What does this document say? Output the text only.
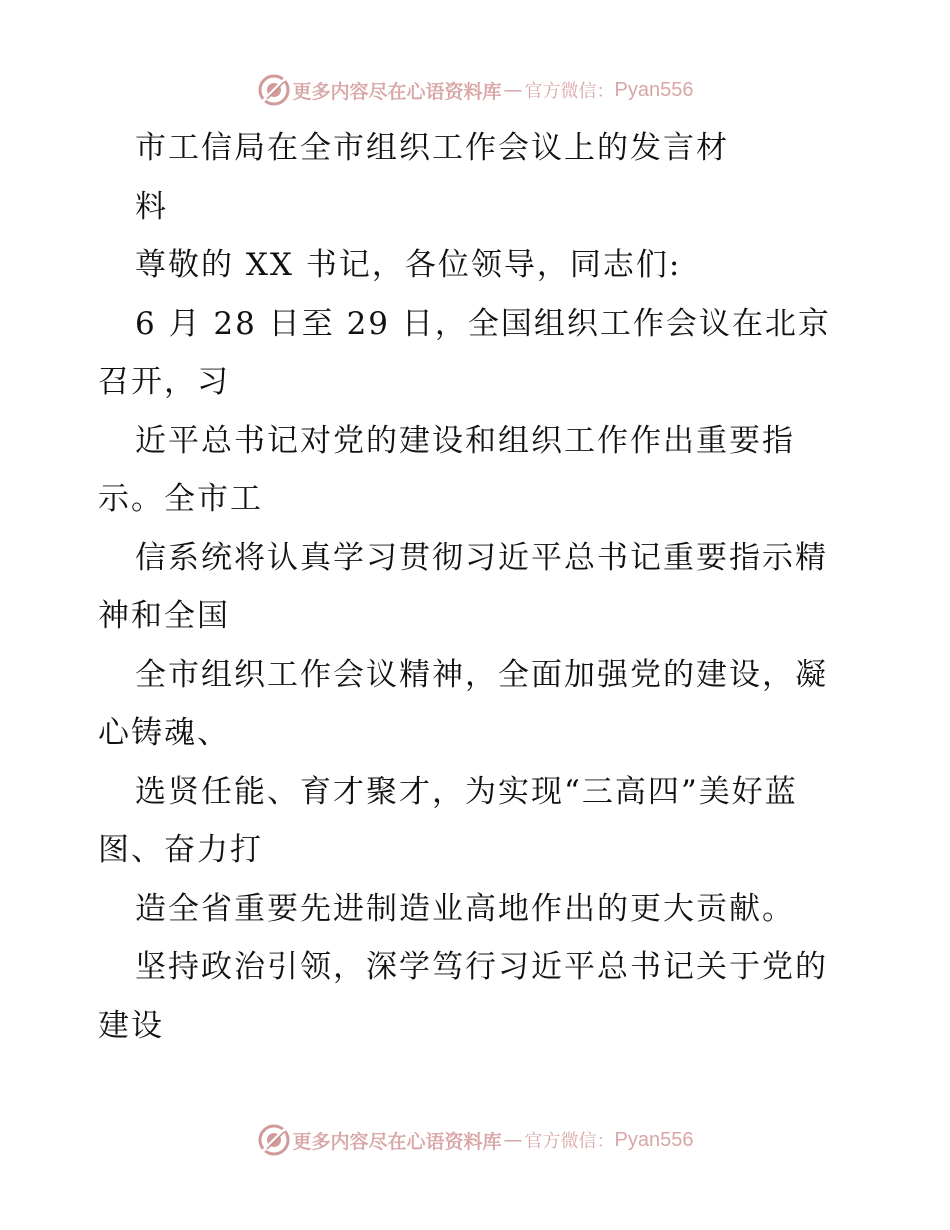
更多内容尽在心语资料库 — 官方微信： Pyan556
市工信局在全市组织工作会议上的发言材
料
尊敬的 XX 书记，各位领导，同志们:
6 月 28 日至 29 日，全国组织工作会议在北京
召开，习
近平总书记对党的建设和组织工作作出重要指
示。全市工
信系统将认真学习贯彻习近平总书记重要指示精
神和全国
全市组织工作会议精神，全面加强党的建设，凝
心铸魂、
选贤任能、育才聚才，为实现“三高四”美好蓝
图、奋力打
造全省重要先进制造业高地作出的更大贡献。
坚持政治引领，深学笃行习近平总书记关于党的
建设
更多内容尽在心语资料库 — 官方微信： Pyan556
